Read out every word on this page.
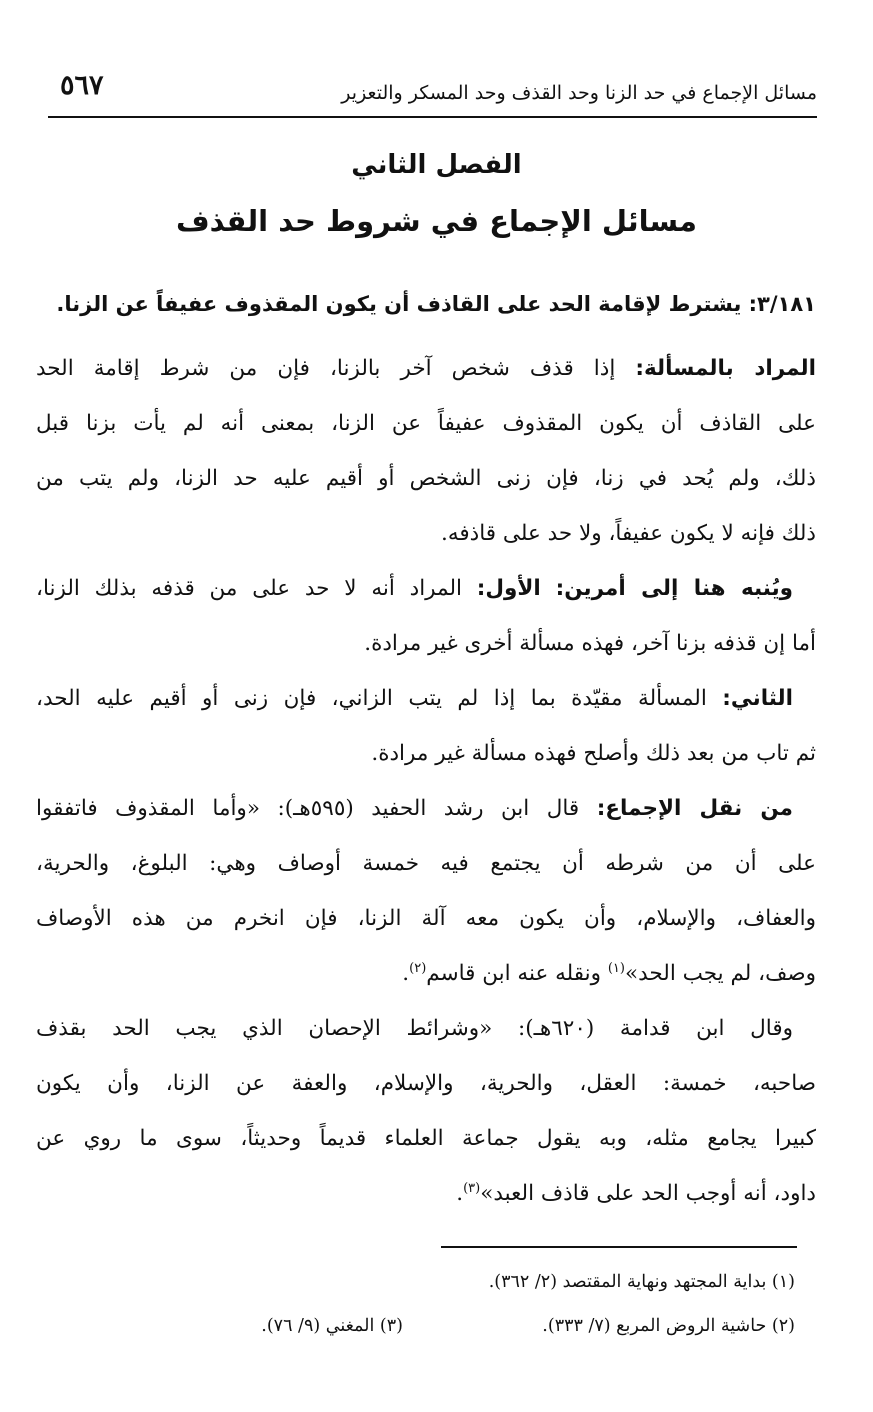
مسائل الإجماع في حد الزنا وحد القذف وحد المسكر والتعزير
٥٦٧
الفصل الثاني
مسائل الإجماع في شروط حد القذف
٣/١٨١: يشترط لإقامة الحد على القاذف أن يكون المقذوف عفيفاً عن الزنا.
المراد بالمسألة: إذا قذف شخص آخر بالزنا، فإن من شرط إقامة الحد
على القاذف أن يكون المقذوف عفيفاً عن الزنا، بمعنى أنه لم يأت بزنا قبل
ذلك، ولم يُحد في زنا، فإن زنى الشخص أو أقيم عليه حد الزنا، ولم يتب من
ذلك فإنه لا يكون عفيفاً، ولا حد على قاذفه.
ويُنبه هنا إلى أمرين: الأول: المراد أنه لا حد على من قذفه بذلك الزنا،
أما إن قذفه بزنا آخر، فهذه مسألة أخرى غير مرادة.
الثاني: المسألة مقيّدة بما إذا لم يتب الزاني، فإن زنى أو أقيم عليه الحد،
ثم تاب من بعد ذلك وأصلح فهذه مسألة غير مرادة.
من نقل الإجماع: قال ابن رشد الحفيد (٥٩٥هـ): «وأما المقذوف فاتفقوا
على أن من شرطه أن يجتمع فيه خمسة أوصاف وهي: البلوغ، والحرية،
والعفاف، والإسلام، وأن يكون معه آلة الزنا، فإن انخرم من هذه الأوصاف
وصف، لم يجب الحد»$^{(١)}$ ونقله عنه ابن قاسم$^{(٢)}$.
وقال ابن قدامة (٦٢٠هـ): «وشرائط الإحصان الذي يجب الحد بقذف
صاحبه، خمسة: العقل، والحرية، والإسلام، والعفة عن الزنا، وأن يكون
كبيرا يجامع مثله، وبه يقول جماعة العلماء قديماً وحديثاً، سوى ما روي عن
داود، أنه أوجب الحد على قاذف العبد»$^{(٣)}$.
(١) بداية المجتهد ونهاية المقتصد (٢/ ٣٦٢).
(٢) حاشية الروض المربع (٧/ ٣٣٣).
(٣) المغني (٩/ ٧٦).
